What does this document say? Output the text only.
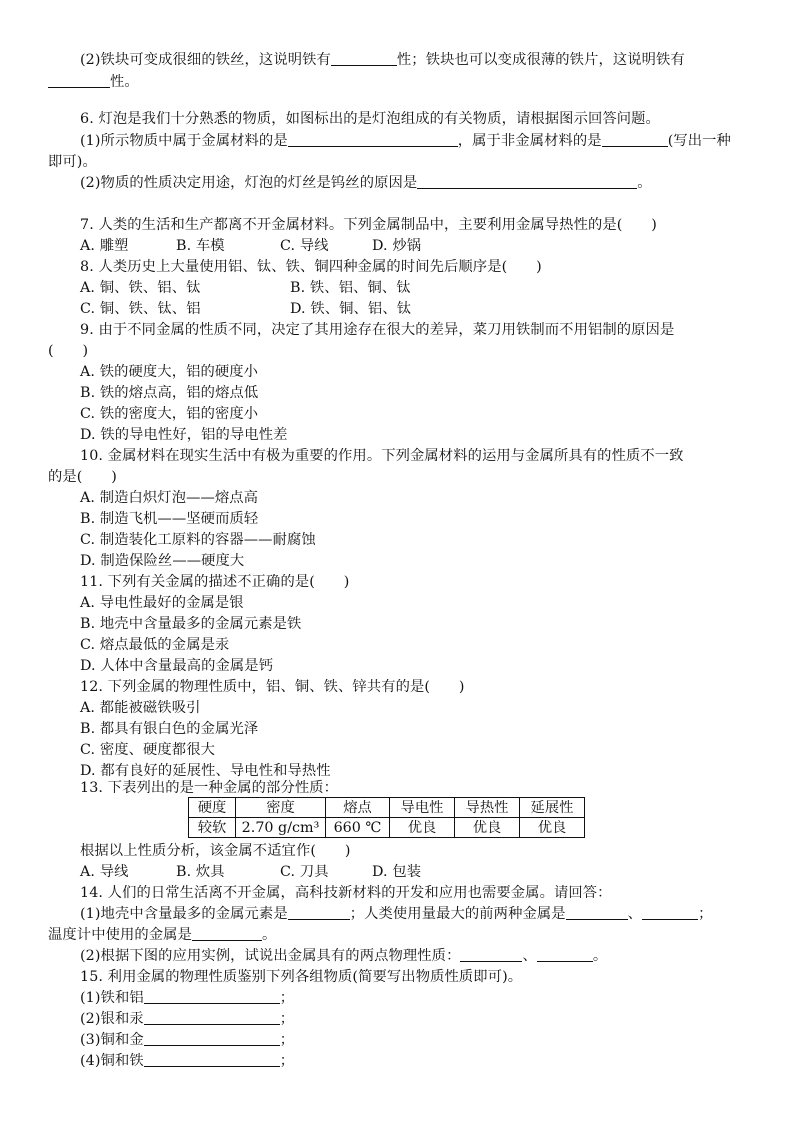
(2)铁块可变成很细的铁丝，这说明铁有	性；铁块也可以变成很薄的铁片，这说明铁有
性。
6. 灯泡是我们十分熟悉的物质，如图标出的是灯泡组成的有关物质，请根据图示回答问题。
(1)所示物质中属于金属材料的是	，属于非金属材料的是	(写出一种
即可)。
(2)物质的性质决定用途，灯泡的灯丝是钨丝的原因是	。
7. 人类的生活和生产都离不开金属材料。下列金属制品中，主要利用金属导热性的是(　　)
A. 雕塑	B. 车模	C. 导线	D. 炒锅
8. 人类历史上大量使用铝、钛、铁、铜四种金属的时间先后顺序是(　　)
A. 铜、铁、铝、钛	B. 铁、铝、铜、钛
C. 铜、铁、钛、铝	D. 铁、铜、铝、钛
9. 由于不同金属的性质不同，决定了其用途存在很大的差异，菜刀用铁制而不用铝制的原因是
(　　)
A. 铁的硬度大，铝的硬度小
B. 铁的熔点高，铝的熔点低
C. 铁的密度大，铝的密度小
D. 铁的导电性好，铝的导电性差
10. 金属材料在现实生活中有极为重要的作用。下列金属材料的运用与金属所具有的性质不一致
的是(　　)
A. 制造白炽灯泡——熔点高
B. 制造飞机——坚硬而质轻
C. 制造装化工原料的容器——耐腐蚀
D. 制造保险丝——硬度大
11. 下列有关金属的描述不正确的是(　　)
A. 导电性最好的金属是银
B. 地壳中含量最多的金属元素是铁
C. 熔点最低的金属是汞
D. 人体中含量最高的金属是钙
12. 下列金属的物理性质中，铝、铜、铁、锌共有的是(　　)
A. 都能被磁铁吸引
B. 都具有银白色的金属光泽
C. 密度、硬度都很大
D. 都有良好的延展性、导电性和导热性
13. 下表列出的是一种金属的部分性质：
硬度	密度	熔点	导电性	导热性	延展性
较软	2.70 g/cm³	660 ℃	优良	优良	优良
根据以上性质分析，该金属不适宜作(　　)
A. 导线	B. 炊具	C. 刀具	D. 包装
14. 人们的日常生活离不开金属，高科技新材料的开发和应用也需要金属。请回答：
(1)地壳中含量最多的金属元素是	；人类使用量最大的前两种金属是	、	；
温度计中使用的金属是	。
(2)根据下图的应用实例，试说出金属具有的两点物理性质：	、	。
15. 利用金属的物理性质鉴别下列各组物质(简要写出物质性质即可)。
(1)铁和铝	；
(2)银和汞	；
(3)铜和金	；
(4)铜和铁	；
